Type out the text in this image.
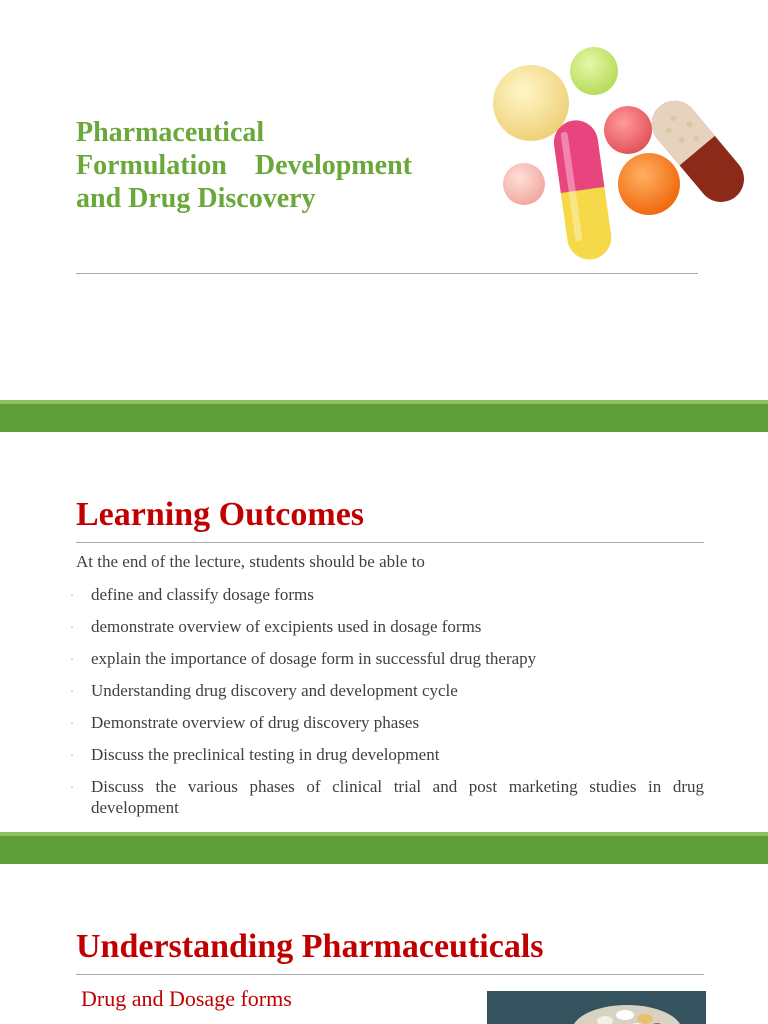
Pharmaceutical
Formulation    Development
and Drug Discovery
Learning Outcomes
At the end of the lecture, students should be able to
· define and classify dosage forms
· demonstrate overview of excipients used in dosage forms
· explain the importance of dosage form in successful drug therapy
· Understanding drug discovery and development cycle
· Demonstrate overview of drug discovery phases
· Discuss the preclinical testing in drug development
· Discuss the various phases of clinical trial and post marketing studies in drug development
Understanding Pharmaceuticals
Drug and Dosage forms
